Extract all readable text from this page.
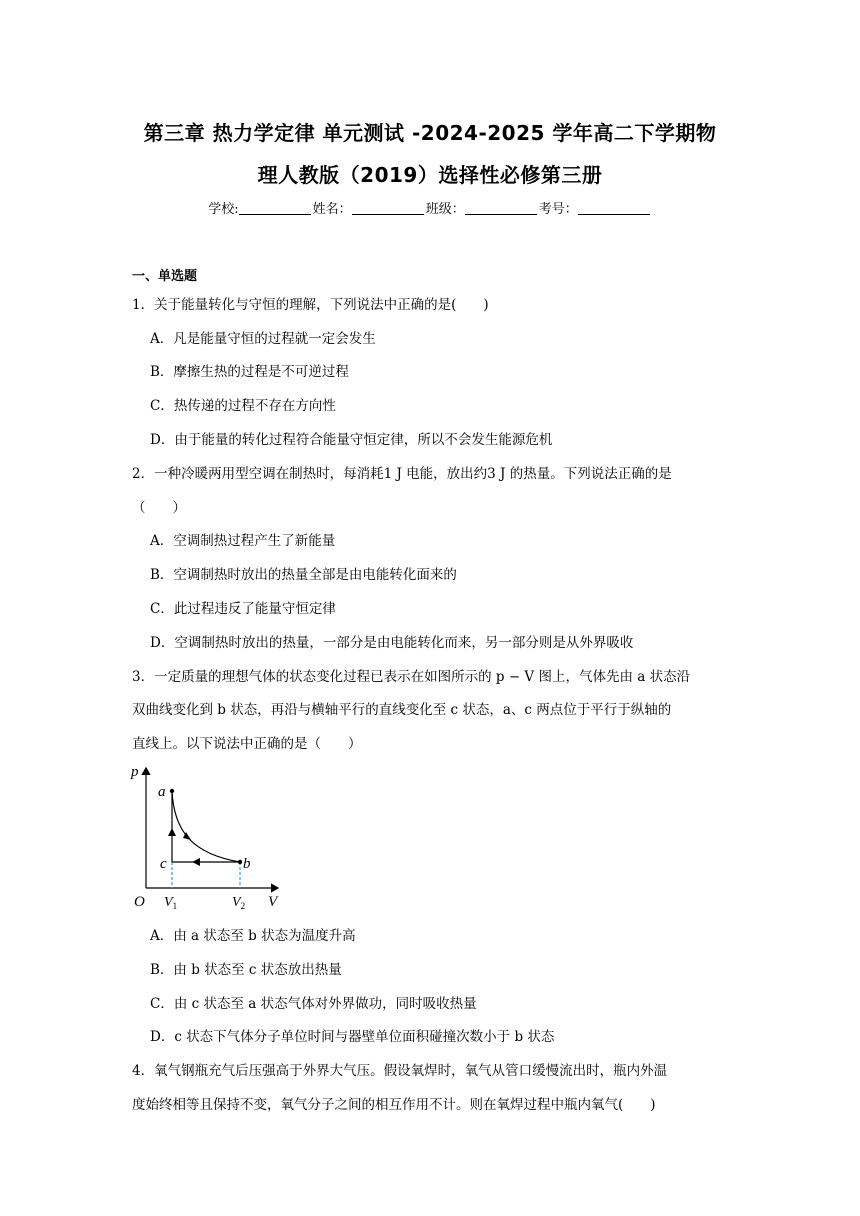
第三章 热力学定律 单元测试 -2024-2025 学年高二下学期物
理人教版（2019）选择性必修第三册
学校:	姓名：	班级：	考号：
一、单选题
1．关于能量转化与守恒的理解，下列说法中正确的是(　　)
A．凡是能量守恒的过程就一定会发生
B．摩擦生热的过程是不可逆过程
C．热传递的过程不存在方向性
D．由于能量的转化过程符合能量守恒定律，所以不会发生能源危机
2．一种冷暖两用型空调在制热时，每消耗1 J 电能，放出约3 J 的热量。下列说法正确的是
（　　）
A．空调制热过程产生了新能量
B．空调制热时放出的热量全部是由电能转化面来的
C．此过程违反了能量守恒定律
D．空调制热时放出的热量，一部分是由电能转化而来，另一部分则是从外界吸收
3．一定质量的理想气体的状态变化过程已表示在如图所示的 p − V 图上，气体先由 a 状态沿
双曲线变化到 b 状态，再沿与横轴平行的直线变化至 c 状态，a、c 两点位于平行于纵轴的
直线上。以下说法中正确的是（　　）
p
V
O
a
b
c
$V_1$	$V_2$
A．由 a 状态至 b 状态为温度升高
B．由 b 状态至 c 状态放出热量
C．由 c 状态至 a 状态气体对外界做功，同时吸收热量
D．c 状态下气体分子单位时间与器壁单位面积碰撞次数小于 b 状态
4．氧气钢瓶充气后压强高于外界大气压。假设氧焊时，氧气从管口缓慢流出时，瓶内外温
度始终相等且保持不变，氧气分子之间的相互作用不计。则在氧焊过程中瓶内氧气(　　)
